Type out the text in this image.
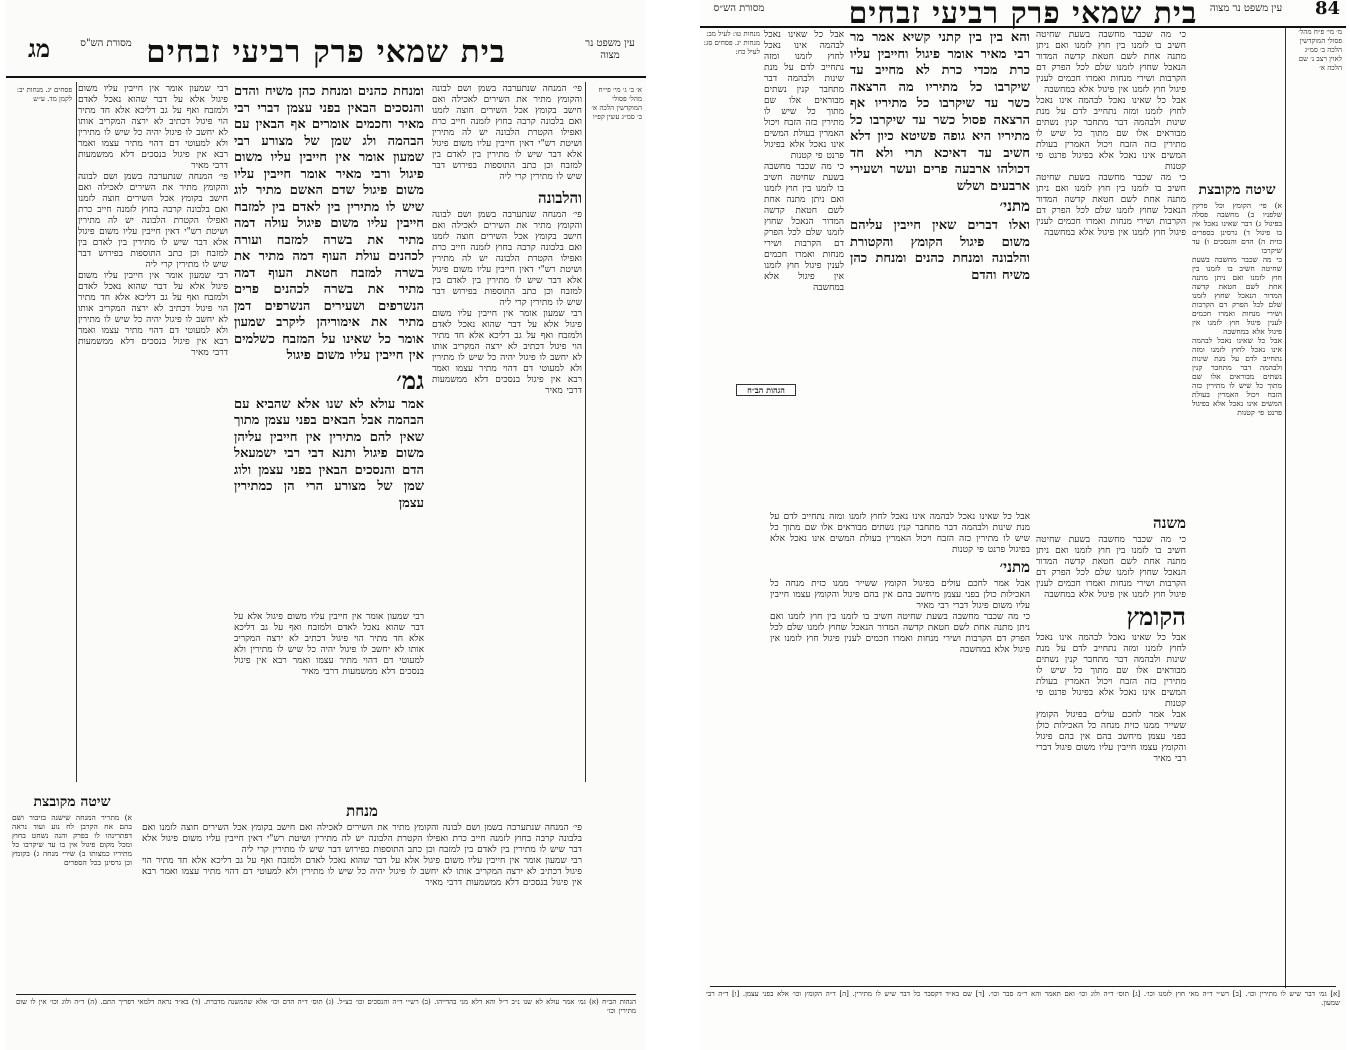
בית שמאי פרק רביעי זבחים
מג	עין משפט נר מצוה
מסורת הש"ס
א׳ ב׳ ג׳ מי׳ פי״ח מהל׳ פסולי המוקדשין הלכה א׳ ב׳ סמ״ג עשין קפ״ו
פי׳ המנחה שנתערבה בשמן ושם לבונה והקומץ מתיר את השירים לאכילה ואם חישב בקומץ אכל השירים חוצה לזמנו ואם בלבונה קרבה בחוץ לזמנה חייב כרת ואפילו הקטרת הלבונה יש לה מתירין ושיטת רש"י דאין חייבין עליו משום פיגול אלא דבר שיש לו מתירין בין לאדם בין למזבח וכן כתב התוספות בפירוש דבר שיש לו מתירין קרי ליה
והלבונה
פי׳ המנחה שנתערבה בשמן ושם לבונה והקומץ מתיר את השירים לאכילה ואם חישב בקומץ אכל השירים חוצה לזמנו ואם בלבונה קרבה בחוץ לזמנה חייב כרת ואפילו הקטרת הלבונה יש לה מתירין ושיטת רש"י דאין חייבין עליו משום פיגול אלא דבר שיש לו מתירין בין לאדם בין למזבח וכן כתב התוספות בפירוש דבר שיש לו מתירין קרי ליה
רבי שמעון אומר אין חייבין עליו משום פיגול אלא על דבר שהוא נאכל לאדם ולמזבח ואף על גב דליכא אלא חד מתיר הוי פיגול דכתיב לא ירצה המקריב אותו לא יחשב לו פיגול יהיה כל שיש לו מתירין ולא למעוטי דם דהוי מתיר עצמו ואמר רבא אין פיגול בנסכים דלא ממשמעות דרבי מאיר
ומנחת כהנים ומנחת כהן משיח והדם והנסכים הבאין בפני עצמן דברי רבי מאיר וחכמים אומרים אף הבאין עם הבהמה ולג שמן של מצורע רבי שמעון אומר אין חייבין עליו משום פיגול ורבי מאיר אומר חייבין עליו משום פיגול שדם האשם מתיר לוג שיש לו מתירין בין לאדם בין למזבח חייבין עליו משום פיגול עולה דמה מתיר את בשרה למזבח ועורה לכהנים עולת העוף דמה מתיר את בשרה למזבח חטאת העוף דמה מתיר את בשרה לכהנים פרים הנשרפים ושעירים הנשרפים דמן מתיר את אימוריהן ליקרב שמעון אומר כל שאינו על המזבח כשלמים אין חייבין עליו משום פיגול
גמ׳
אמר עולא לא שנו אלא שהביא עם הבהמה אבל הבאים בפני עצמן מתוך שאין להם מתירין אין חייבין עליהן משום פיגול ותנא דבי רבי ישמעאל הדם והנסכים הבאין בפני עצמן ולוג שמן של מצורע הרי הן כמתירין עצמן
רבי שמעון אומר אין חייבין עליו משום פיגול אלא על דבר שהוא נאכל לאדם ולמזבח ואף על גב דליכא אלא חד מתיר הוי פיגול דכתיב לא ירצה המקריב אותו לא יחשב לו פיגול יהיה כל שיש לו מתירין ולא למעוטי דם דהוי מתיר עצמו ואמר רבא אין פיגול בנסכים דלא ממשמעות דרבי מאיר
פי׳ המנחה שנתערבה בשמן ושם לבונה והקומץ מתיר את השירים לאכילה ואם חישב בקומץ אכל השירים חוצה לזמנו ואם בלבונה קרבה בחוץ לזמנה חייב כרת ואפילו הקטרת הלבונה יש לה מתירין ושיטת רש"י דאין חייבין עליו משום פיגול אלא דבר שיש לו מתירין בין לאדם בין למזבח וכן כתב התוספות בפירוש דבר שיש לו מתירין קרי ליה
רבי שמעון אומר אין חייבין עליו משום פיגול אלא על דבר שהוא נאכל לאדם ולמזבח ואף על גב דליכא אלא חד מתיר הוי פיגול דכתיב לא ירצה המקריב אותו לא יחשב לו פיגול יהיה כל שיש לו מתירין ולא למעוטי דם דהוי מתיר עצמו ואמר רבא אין פיגול בנסכים דלא ממשמעות דרבי מאיר
פסחים יג. מנחות יב: לקמן מד. ע״ש
רבי שמעון אומר אין חייבין עליו משום פיגול אלא על דבר שהוא נאכל לאדם ולמזבח ואף על גב דליכא אלא חד מתיר הוי פיגול דכתיב לא ירצה המקריב אותו לא יחשב לו פיגול יהיה כל שיש לו מתירין ולא למעוטי דם דהוי מתיר עצמו ואמר רבא אין פיגול בנסכים דלא ממשמעות דרבי מאיר
שיטה מקובצת
א) מתריר המנחה שישנה בזיבור ושם בהם אח הקרבן לח נוע ועוד נראה דפתרינהו לו בפרק והנה נשחט בחוץ ומכל מקום פיגול אין בו עד שיקרבו כל מתיריו כמצותו ב) שירי מנחה ג) בקומץ וכן גרסינן בכל הספרים
מנחת
פי׳ המנחה שנתערבה בשמן ושם לבונה והקומץ מתיר את השירים לאכילה ואם חישב בקומץ אכל השירים חוצה לזמנו ואם בלבונה קרבה בחוץ לזמנה חייב כרת ואפילו הקטרת הלבונה יש לה מתירין ושיטת רש"י דאין חייבין עליו משום פיגול אלא דבר שיש לו מתירין בין לאדם בין למזבח וכן כתב התוספות בפירוש דבר שיש לו מתירין קרי ליה
רבי שמעון אומר אין חייבין עליו משום פיגול אלא על דבר שהוא נאכל לאדם ולמזבח ואף על גב דליכא אלא חד מתיר הוי פיגול דכתיב לא ירצה המקריב אותו לא יחשב לו פיגול יהיה כל שיש לו מתירין ולא למעוטי דם דהוי מתיר עצמו ואמר רבא אין פיגול בנסכים דלא ממשמעות דרבי מאיר
הגהות הב״ח (א) גמ׳ אמר עולא לא שנו נ״ב ר״ל והא דלא מני בהדייהו. (ב) רש״י ד״ה והנסכים וכו׳ כצ״ל. (ג) תוס׳ ד״ה הדם וכו׳ אלא שהמשנה מדברת. (ד) בא״ד נראה דלמאי דפריך התם. (ה) ד״ה ולוג וכו׳ אין לו שום מתירין וכו׳
בית שמאי פרק רביעי זבחים	84
עין משפט נר מצוה
מסורת הש״ס
מ׳ מי׳ פ״ח מהל׳ פסולי המוקדשין הלכה ב׳ סמ״ג לאוין רצב נ׳ שם הלכה א׳
שיטה מקובצת
א) פי׳ הקומץ וכל פרקין שלפניו ב) מחשבה פסלה בפיגול ג) דבר שאינו נאכל אין בו פיגול ד) גרסינן בספרים כזית ה) הדם והנסכים ו) עד שיקרבו
כי מה שכבר מחשבה בשעת שחיטה חשיב בו לזמנו בין חוץ לזמנו ואם ניתן מתנה אחת לשם חטאת קדשה המדור הנאכל שחוץ לזמנו שלם לכל הפרק דם הקרבות ושירי מנחות ואמרו חכמים לענין פיגול חוץ לזמנו אין פיגול אלא במחשבה
אבל כל שאינו נאכל לבהמה אינו נאכל לחוץ לזמנו ומזה נתחייב לדם על מנת שינות ולבהמה דבר מתחבר קנין נשתים מבוראים אלו שם מתוך כל שיש לו מתירין כזה הזבח ויכול האמרין בעולת המשים אינו נאכל אלא בפיגול פרנט פי קטנות
כי מה שכבר מחשבה בשעת שחיטה חשיב בו לזמנו בין חוץ לזמנו ואם ניתן מתנה אחת לשם חטאת קדשה המדור הנאכל שחוץ לזמנו שלם לכל הפרק דם הקרבות ושירי מנחות ואמרו חכמים לענין פיגול חוץ לזמנו אין פיגול אלא במחשבה
אבל כל שאינו נאכל לבהמה אינו נאכל לחוץ לזמנו ומזה נתחייב לדם על מנת שינות ולבהמה דבר מתחבר קנין נשתים מבוראים אלו שם מתוך כל שיש לו מתירין כזה הזבח ויכול האמרין בעולת המשים אינו נאכל אלא בפיגול פרנט פי קטנות
כי מה שכבר מחשבה בשעת שחיטה חשיב בו לזמנו בין חוץ לזמנו ואם ניתן מתנה אחת לשם חטאת קדשה המדור הנאכל שחוץ לזמנו שלם לכל הפרק דם הקרבות ושירי מנחות ואמרו חכמים לענין פיגול חוץ לזמנו אין פיגול אלא במחשבה
והא בין בין קתני קשיא אמר מר רבי מאיר אומר פיגול וחייבין עליו כרת מכדי כרת לא מחייב עד שיקרבו כל מתיריו מה הרצאה כשר עד שיקרבו כל מתיריו אף הרצאה פסול כשר עד שיקרבו כל מתיריו היא גופה פשיטא כיון דלא חשיב עד דאיכא תרי ולא חד דכולהו ארבעה פרים ועשר ושעירי ארבעים ושלש
מתני׳
ואלו דברים שאין חייבין עליהם משום פיגול הקומץ והקטורת והלבונה ומנחת כהנים ומנחת כהן משיח והדם
אבל כל שאינו נאכל לבהמה אינו נאכל לחוץ לזמנו ומזה נתחייב לדם על מנת שינות ולבהמה דבר מתחבר קנין נשתים מבוראים אלו שם מתוך כל שיש לו מתירין כזה הזבח ויכול האמרין בעולת המשים אינו נאכל אלא בפיגול פרנט פי קטנות
כי מה שכבר מחשבה בשעת שחיטה חשיב בו לזמנו בין חוץ לזמנו ואם ניתן מתנה אחת לשם חטאת קדשה המדור הנאכל שחוץ לזמנו שלם לכל הפרק דם הקרבות ושירי מנחות ואמרו חכמים לענין פיגול חוץ לזמנו אין פיגול אלא במחשבה
מנחות טו: לעיל מב: מנחות יג. פסחים סג: לעיל כח:
הגהות הב״ח
משנה
כי מה שכבר מחשבה בשעת שחיטה חשיב בו לזמנו בין חוץ לזמנו ואם ניתן מתנה אחת לשם חטאת קדשה המדור הנאכל שחוץ לזמנו שלם לכל הפרק דם הקרבות ושירי מנחות ואמרו חכמים לענין פיגול חוץ לזמנו אין פיגול אלא במחשבה
הקומץ
אבל כל שאינו נאכל לבהמה אינו נאכל לחוץ לזמנו ומזה נתחייב לדם על מנת שינות ולבהמה דבר מתחבר קנין נשתים מבוראים אלו שם מתוך כל שיש לו מתירין כזה הזבח ויכול האמרין בעולת המשים אינו נאכל אלא בפיגול פרנט פי קטנות
אבל אמר לחכם עולים בפיגול הקומץ ששייר ממנו כזית מנחה כל האכילות כולן בפני עצמן מיחשב בהם אין בהם פיגול והקומץ עצמו חייבין עליו משום פיגול דברי רבי מאיר
אבל כל שאינו נאכל לבהמה אינו נאכל לחוץ לזמנו ומזה נתחייב לדם על מנת שינות ולבהמה דבר מתחבר קנין נשתים מבוראים אלו שם מתוך כל שיש לו מתירין כזה הזבח ויכול האמרין בעולת המשים אינו נאכל אלא בפיגול פרנט פי קטנות
מתני׳
אבל אמר לחכם עולים בפיגול הקומץ ששייר ממנו כזית מנחה כל האכילות כולן בפני עצמן מיחשב בהם אין בהם פיגול והקומץ עצמו חייבין עליו משום פיגול דברי רבי מאיר
כי מה שכבר מחשבה בשעת שחיטה חשיב בו לזמנו בין חוץ לזמנו ואם ניתן מתנה אחת לשם חטאת קדשה המדור הנאכל שחוץ לזמנו שלם לכל הפרק דם הקרבות ושירי מנחות ואמרו חכמים לענין פיגול חוץ לזמנו אין פיגול אלא במחשבה
[א] גמ׳ דבר שיש לו מתירין וכו׳. [ב] רש״י ד״ה מאי חוץ לזמנו וכו׳. [ג] תוס׳ ד״ה ולוג וכו׳ ואם תאמר והא ר״מ סבר וכו׳. [ד] שם בא״ד דקסבר כל דבר שיש לו מתירין. [ה] ד״ה הקומץ וכו׳ אלא בפני עצמן. [ו] ד״ה רבי שמעון.
